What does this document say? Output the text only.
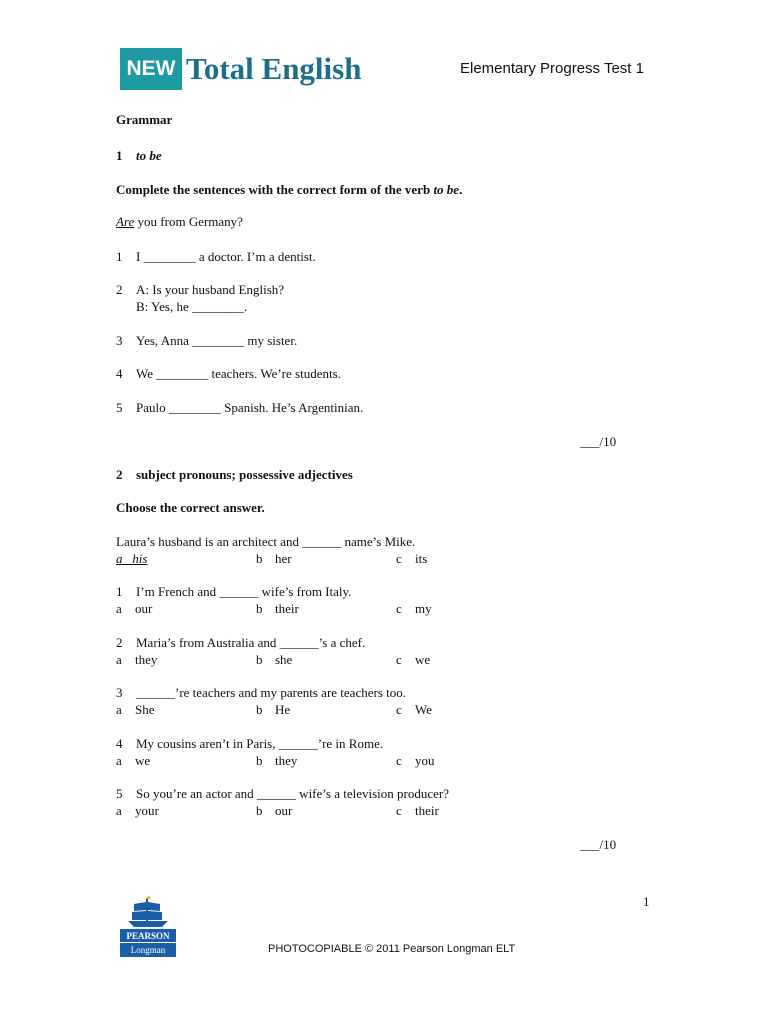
NEW Total English	Elementary Progress Test 1
Grammar
1 to be
Complete the sentences with the correct form of the verb to be.
Are you from Germany?
1 I ________ a doctor. I’m a dentist.
2 A: Is your husband English?
B: Yes, he ________.
3 Yes, Anna ________ my sister.
4 We ________ teachers. We’re students.
5 Paulo ________ Spanish. He’s Argentinian.
___/10
2 subject pronouns; possessive adjectives
Choose the correct answer.
Laura’s husband is an architect and ______ name’s Mike.
a   his	b her	c its
1 I’m French and ______ wife’s from Italy.
a our	b their	c my
2 Maria’s from Australia and ______’s a chef.
a they	b she	c we
3 ______’re teachers and my parents are teachers too.
a She	b He	c We
4 My cousins aren’t in Paris, ______’re in Rome.
a we	b they	c you
5 So you’re an actor and ______ wife’s a television producer?
a your	b our	c their
___/10
1
PEARSON
Longman	PHOTOCOPIABLE © 2011 Pearson Longman ELT
